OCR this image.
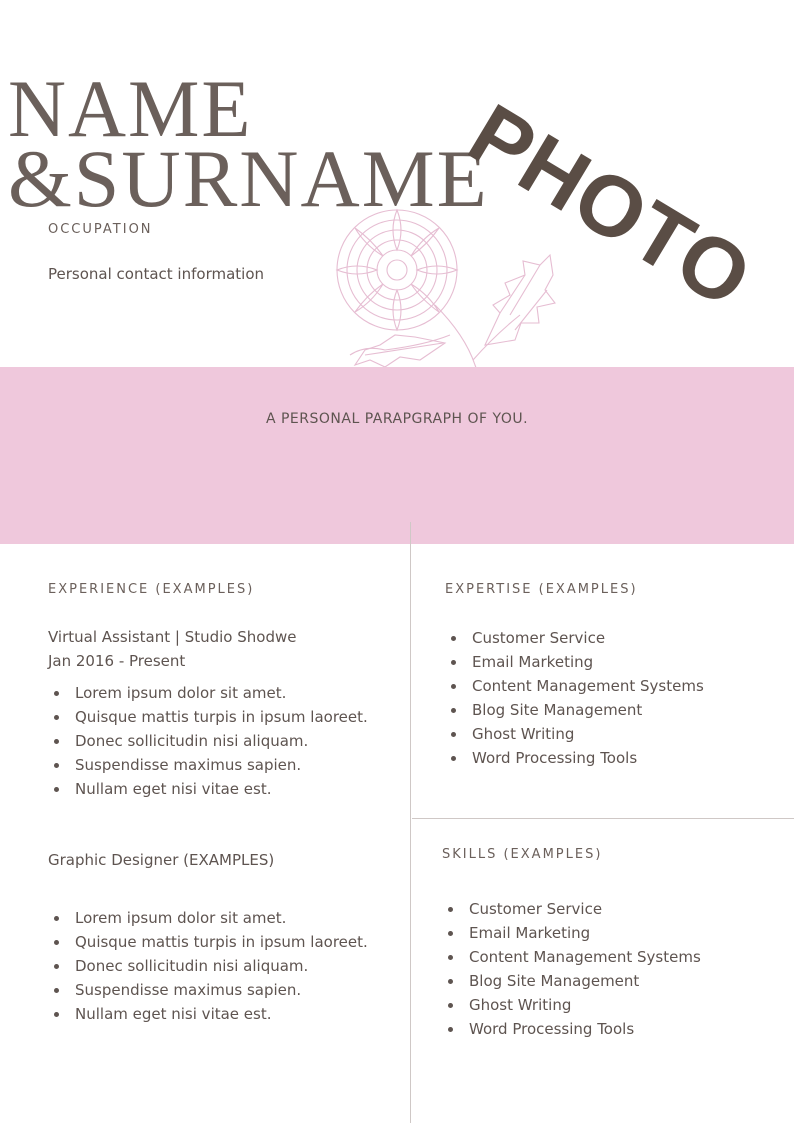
NAME
&SURNAME
OCCUPATION
Personal contact information PHOTO
A PERSONAL PARAPGRAPH OF YOU.
EXPERIENCE (EXAMPLES)
Virtual Assistant | Studio Shodwe
Jan 2016 - Present
Lorem ipsum dolor sit amet.
Quisque mattis turpis in ipsum laoreet.
Donec sollicitudin nisi aliquam.
Suspendisse maximus sapien.
Nullam eget nisi vitae est.
Graphic Designer (EXAMPLES)
Lorem ipsum dolor sit amet.
Quisque mattis turpis in ipsum laoreet.
Donec sollicitudin nisi aliquam.
Suspendisse maximus sapien.
Nullam eget nisi vitae est.
EXPERTISE (EXAMPLES)
Customer Service
Email Marketing
Content Management Systems
Blog Site Management
Ghost Writing
Word Processing Tools
SKILLS (EXAMPLES)
Customer Service
Email Marketing
Content Management Systems
Blog Site Management
Ghost Writing
Word Processing Tools
